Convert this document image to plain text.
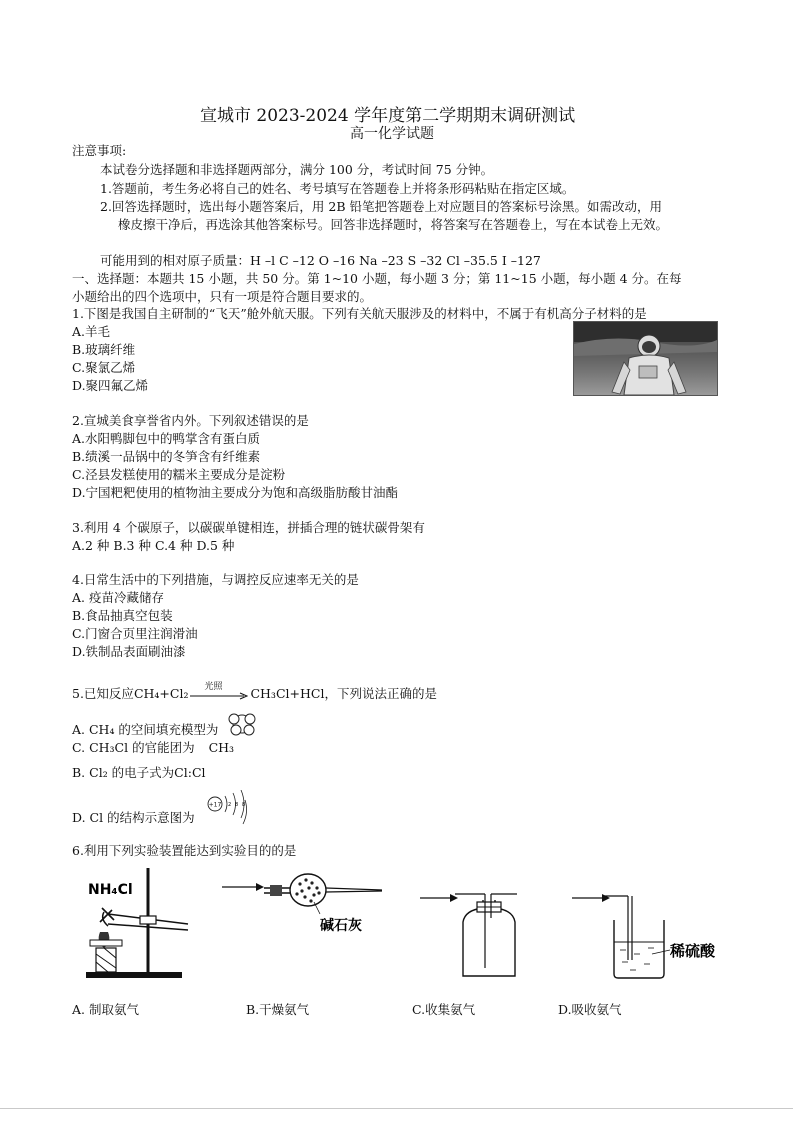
宣城市 2023-2024 学年度第二学期期末调研测试
高一化学试题
注意事项:
本试卷分选择题和非选择题两部分，满分 100 分，考试时间 75 分钟。
1.答题前，考生务必将自己的姓名、考号填写在答题卷上并将条形码粘贴在指定区域。
2.回答选择题时，选出每小题答案后，用 2B 铅笔把答题卷上对应题目的答案标号涂黑。如需改动，用
橡皮擦干净后，再选涂其他答案标号。回答非选择题时，将答案写在答题卷上，写在本试卷上无效。
可能用到的相对原子质量：H –l C –12 O –16 Na –23 S –32 Cl –35.5 I –127
一、选择题：本题共 15 小题，共 50 分。第 1~10 小题，每小题 3 分；第 11~15 小题，每小题 4 分。在每
小题给出的四个选项中，只有一项是符合题目要求的。
1.下图是我国自主研制的“飞天”舱外航天服。下列有关航天服涉及的材料中，不属于有机高分子材料的是
A.羊毛
B.玻璃纤维
C.聚氯乙烯
D.聚四氟乙烯
2.宣城美食享誉省内外。下列叙述错误的是
A.水阳鸭脚包中的鸭掌含有蛋白质
B.绩溪一品锅中的冬笋含有纤维素
C.泾县发糕使用的糯米主要成分是淀粉
D.宁国粑粑使用的植物油主要成分为饱和高级脂肪酸甘油酯
3.利用 4 个碳原子，以碳碳单键相连，拼插合理的链状碳骨架有
A.2 种 B.3 种 C.4 种 D.5 种
4.日常生活中的下列措施，与调控反应速率无关的是
A. 疫苗冷藏储存
B.食品抽真空包装
C.门窗合页里注润滑油
D.铁制品表面刷油漆
5.已知反应CH₄+Cl₂ 光照 CH₃Cl+HCl，下列说法正确的是
A. CH₄ 的空间填充模型为
C. CH₃Cl 的官能团为 CH₃
B. Cl₂ 的电子式为Cl:Cl
D. Cl 的结构示意图为
+17 2 8 8
6.利用下列实验装置能达到实验目的的是
NH₄Cl
碱石灰
稀硫酸
A. 制取氨气	B.干燥氨气	C.收集氨气	D.吸收氨气
